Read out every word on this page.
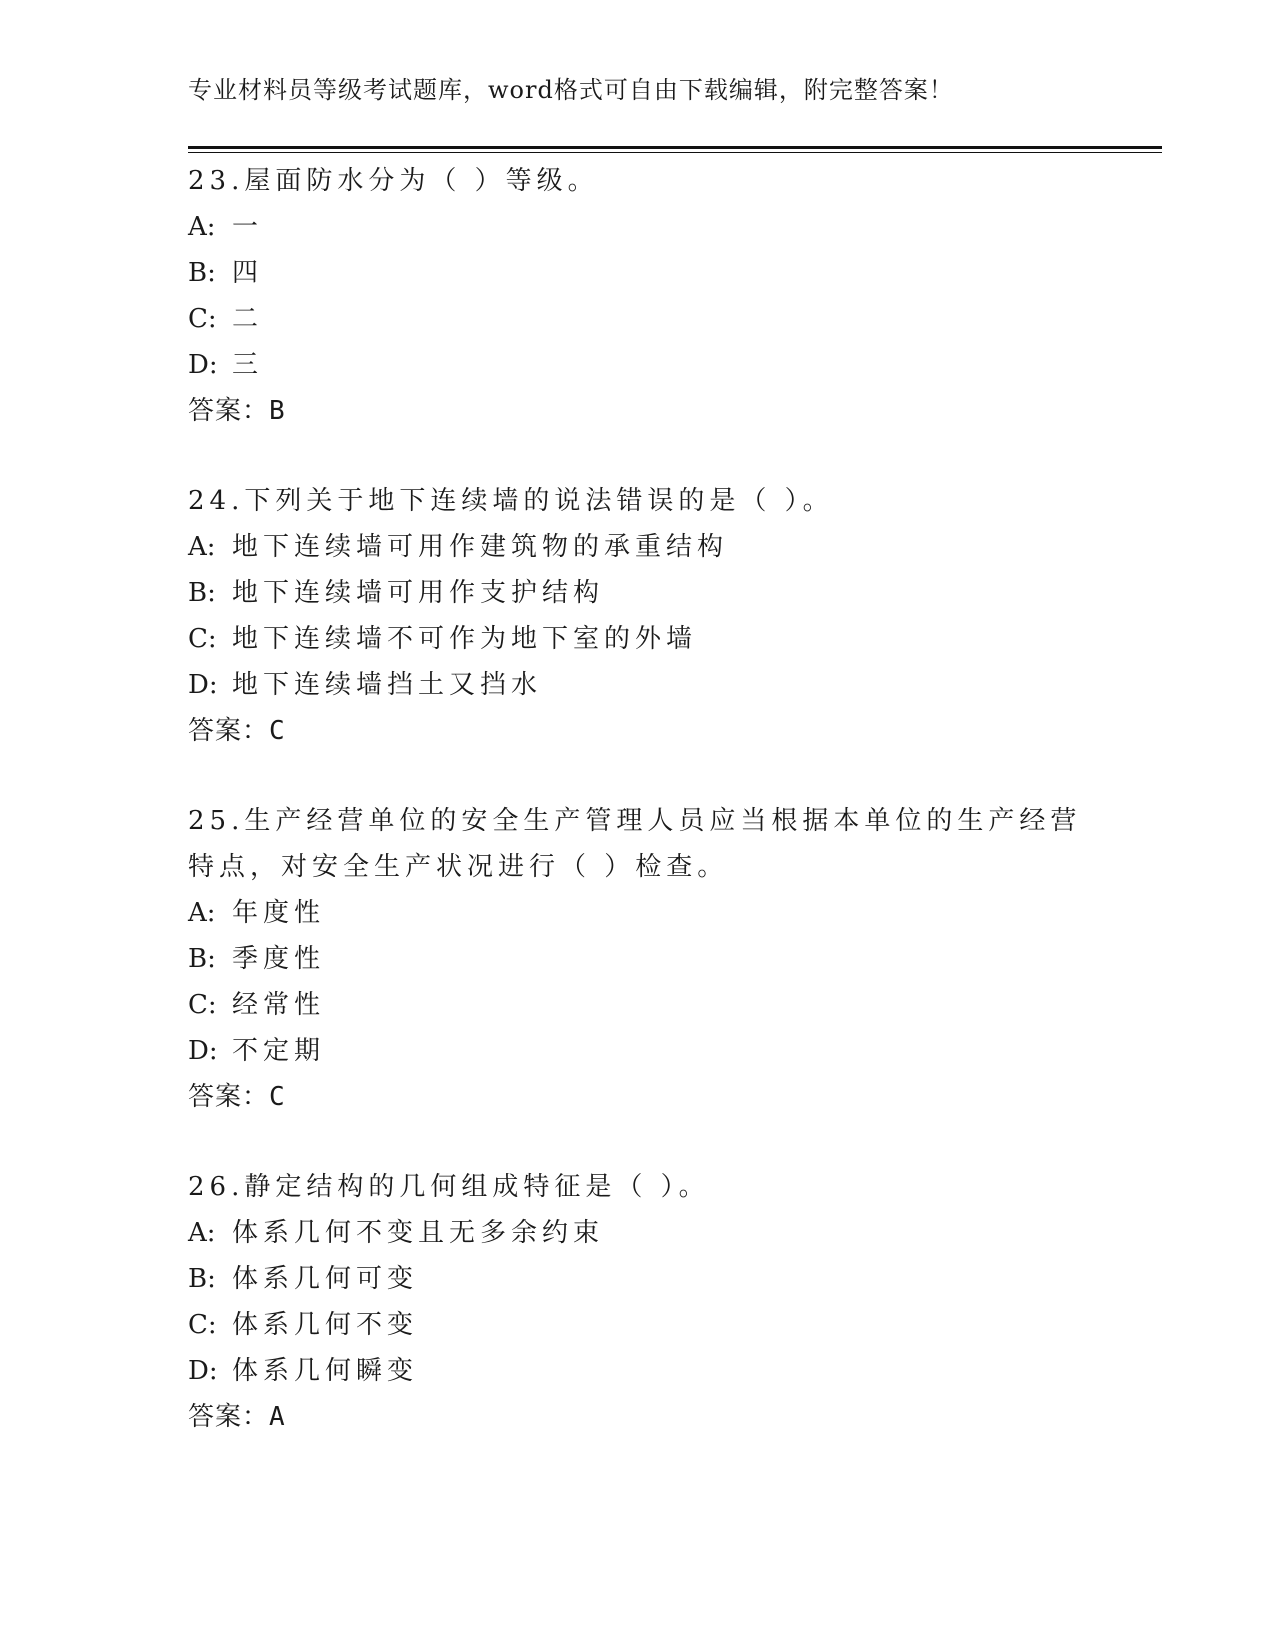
专业材料员等级考试题库，word格式可自由下载编辑，附完整答案！
23.屋面防水分为（ ）等级。
A: 一
B: 四
C: 二
D: 三
答案：B
24.下列关于地下连续墙的说法错误的是（ ）。
A: 地下连续墙可用作建筑物的承重结构
B: 地下连续墙可用作支护结构
C: 地下连续墙不可作为地下室的外墙
D: 地下连续墙挡土又挡水
答案：C
25.生产经营单位的安全生产管理人员应当根据本单位的生产经营特点，对安全生产状况进行（ ）检查。
A: 年度性
B: 季度性
C: 经常性
D: 不定期
答案：C
26.静定结构的几何组成特征是（ ）。
A: 体系几何不变且无多余约束
B: 体系几何可变
C: 体系几何不变
D: 体系几何瞬变
答案：A
